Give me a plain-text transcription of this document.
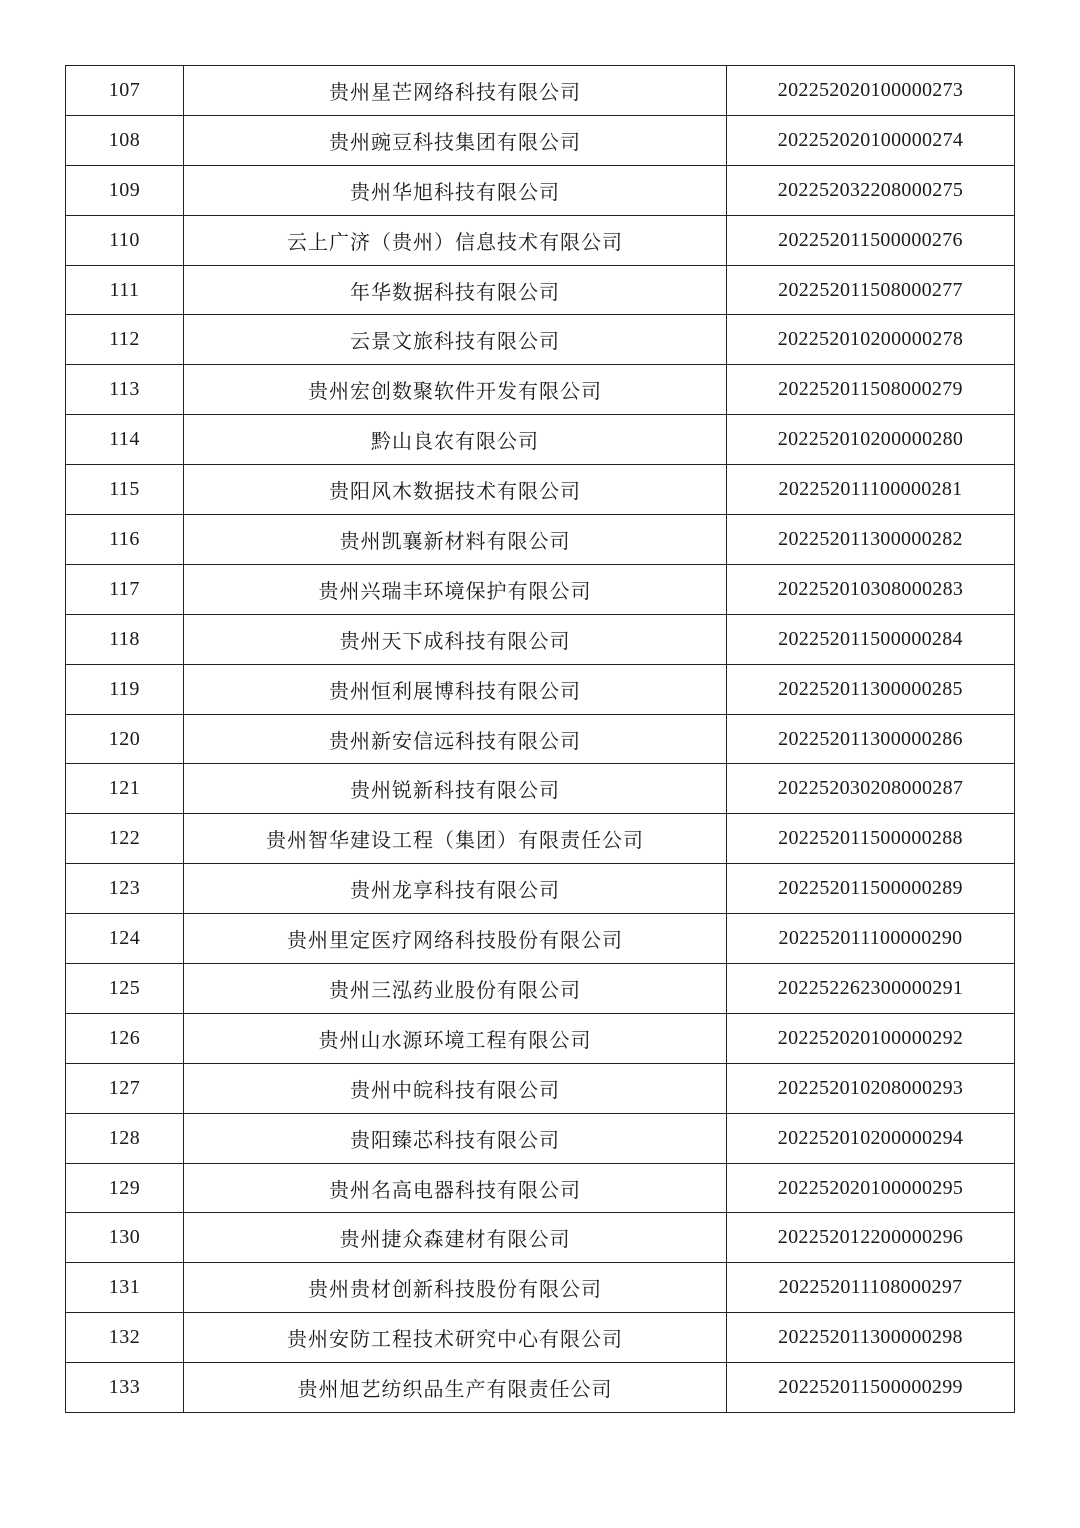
107	贵州星芒网络科技有限公司	202252020100000273
108	贵州豌豆科技集团有限公司	202252020100000274
109	贵州华旭科技有限公司	202252032208000275
110	云上广济（贵州）信息技术有限公司	202252011500000276
111	年华数据科技有限公司	202252011508000277
112	云景文旅科技有限公司	202252010200000278
113	贵州宏创数聚软件开发有限公司	202252011508000279
114	黔山良农有限公司	202252010200000280
115	贵阳风木数据技术有限公司	202252011100000281
116	贵州凯襄新材料有限公司	202252011300000282
117	贵州兴瑞丰环境保护有限公司	202252010308000283
118	贵州天下成科技有限公司	202252011500000284
119	贵州恒利展博科技有限公司	202252011300000285
120	贵州新安信远科技有限公司	202252011300000286
121	贵州锐新科技有限公司	202252030208000287
122	贵州智华建设工程（集团）有限责任公司	202252011500000288
123	贵州龙享科技有限公司	202252011500000289
124	贵州里定医疗网络科技股份有限公司	202252011100000290
125	贵州三泓药业股份有限公司	202252262300000291
126	贵州山水源环境工程有限公司	202252020100000292
127	贵州中皖科技有限公司	202252010208000293
128	贵阳臻芯科技有限公司	202252010200000294
129	贵州名高电器科技有限公司	202252020100000295
130	贵州捷众森建材有限公司	202252012200000296
131	贵州贵材创新科技股份有限公司	202252011108000297
132	贵州安防工程技术研究中心有限公司	202252011300000298
133	贵州旭艺纺织品生产有限责任公司	202252011500000299
